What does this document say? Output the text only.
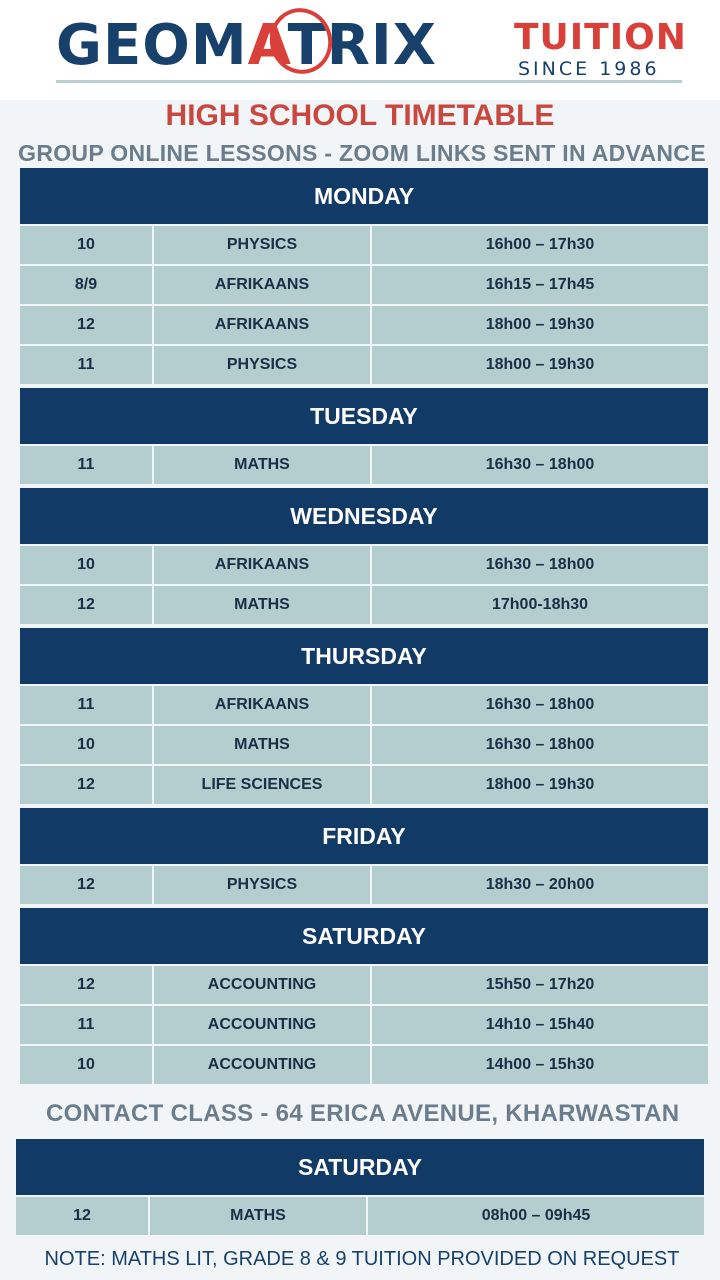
GEOMATRIX TUITION
SINCE 1986
HIGH SCHOOL TIMETABLE
GROUP ONLINE LESSONS - ZOOM LINKS SENT IN ADVANCE
MONDAY
10	PHYSICS	16h00 – 17h30
8/9	AFRIKAANS	16h15 – 17h45
12	AFRIKAANS	18h00 – 19h30
11	PHYSICS	18h00 – 19h30
TUESDAY
11	MATHS	16h30 – 18h00
WEDNESDAY
10	AFRIKAANS	16h30 – 18h00
12	MATHS	17h00-18h30
THURSDAY
11	AFRIKAANS	16h30 – 18h00
10	MATHS	16h30 – 18h00
12	LIFE SCIENCES	18h00 – 19h30
FRIDAY
12	PHYSICS	18h30 – 20h00
SATURDAY
12	ACCOUNTING	15h50 – 17h20
11	ACCOUNTING	14h10 – 15h40
10	ACCOUNTING	14h00 – 15h30
CONTACT CLASS - 64 ERICA AVENUE, KHARWASTAN
SATURDAY
12	MATHS	08h00 – 09h45
NOTE: MATHS LIT, GRADE 8 & 9 TUITION PROVIDED ON REQUEST
